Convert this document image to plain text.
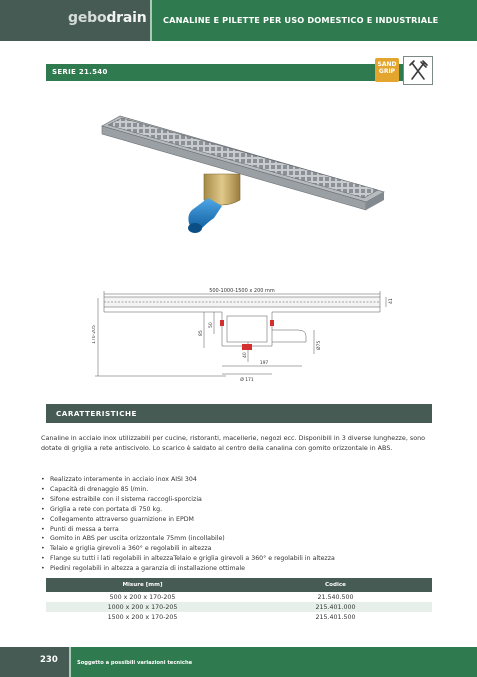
gebodrain CANALINE E PILETTE PER USO DOMESTICO E INDUSTRIALE
SERIE 21.540
SAND
GRIP
500-1000-1500 x 200 mm
41
170-205	85
50
40
Ø75
197
Ø 171
CARATTERISTICHE
Canaline in acciaio inox utilizzabili per cucine, ristoranti, macellerie, negozi ecc. Disponibili in 3 diverse lunghezze, sono dotate di griglia a rete antiscivolo. Lo scarico è saldato al centro della canalina con gomito orizzontale in ABS.
• Realizzato interamente in acciaio inox AISI 304
• Capacità di drenaggio 85 l/min.
• Sifone estraibile con il sistema raccogli-sporcizia
• Griglia a rete con portata di 750 kg.
• Collegamento attraverso guarnizione in EPDM
• Punti di messa a terra
• Gomito in ABS per uscita orizzontale 75mm (incollabile)
• Telaio e griglia girevoli a 360° e regolabili in altezza
• Flange su tutti i lati regolabili in altezzaTelaio e griglia girevoli a 360° e regolabili in altezza
• Piedini regolabili in altezza a garanzia di installazione ottimale
Misure [mm]	Codice
500 x 200 x 170-205	21.540.500
1000 x 200 x 170-205	215.401.000
1500 x 200 x 170-205	215.401.500
230	Soggetto a possibili variazioni tecniche
